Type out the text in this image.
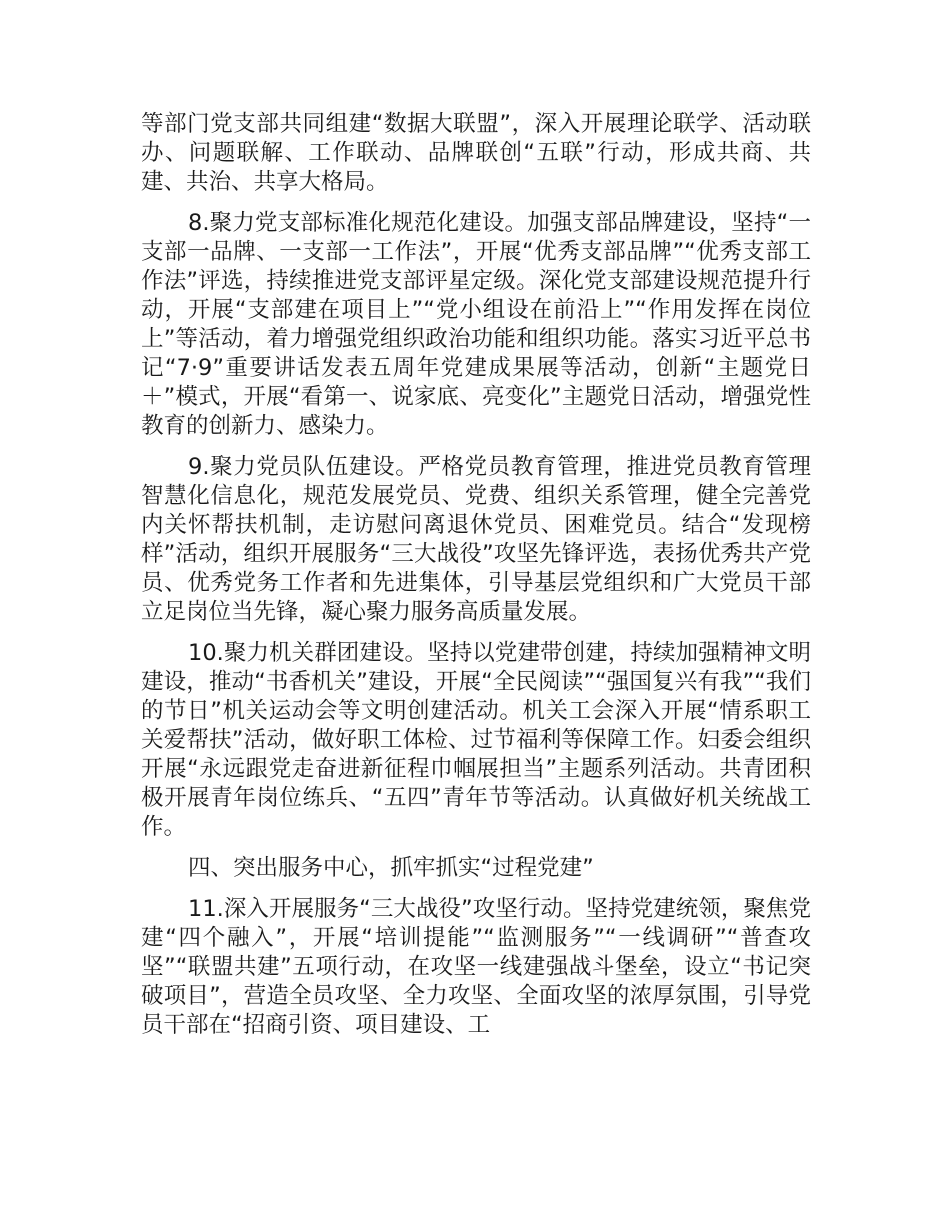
等部门党支部共同组建“数据大联盟”，深入开展理论联学、活动联办、问题联解、工作联动、品牌联创“五联”行动，形成共商、共建、共治、共享大格局。

8.聚力党支部标准化规范化建设。加强支部品牌建设，坚持“一支部一品牌、一支部一工作法”，开展“优秀支部品牌”“优秀支部工作法”评选，持续推进党支部评星定级。深化党支部建设规范提升行动，开展“支部建在项目上”“党小组设在前沿上”“作用发挥在岗位上”等活动，着力增强党组织政治功能和组织功能。落实习近平总书记“7·9”重要讲话发表五周年党建成果展等活动，创新“主题党日＋”模式，开展“看第一、说家底、亮变化”主题党日活动，增强党性教育的创新力、感染力。

9.聚力党员队伍建设。严格党员教育管理，推进党员教育管理智慧化信息化，规范发展党员、党费、组织关系管理，健全完善党内关怀帮扶机制，走访慰问离退休党员、困难党员。结合“发现榜样”活动，组织开展服务“三大战役”攻坚先锋评选，表扬优秀共产党员、优秀党务工作者和先进集体，引导基层党组织和广大党员干部立足岗位当先锋，凝心聚力服务高质量发展。

10.聚力机关群团建设。坚持以党建带创建，持续加强精神文明建设，推动“书香机关”建设，开展“全民阅读”“强国复兴有我”“我们的节日”机关运动会等文明创建活动。机关工会深入开展“情系职工关爱帮扶”活动，做好职工体检、过节福利等保障工作。妇委会组织开展“永远跟党走奋进新征程巾帼展担当”主题系列活动。共青团积极开展青年岗位练兵、“五四”青年节等活动。认真做好机关统战工作。

四、突出服务中心，抓牢抓实“过程党建”

11.深入开展服务“三大战役”攻坚行动。坚持党建统领，聚焦党建“四个融入”，开展“培训提能”“监测服务”“一线调研”“普查攻坚”“联盟共建”五项行动，在攻坚一线建强战斗堡垒，设立“书记突破项目”，营造全员攻坚、全力攻坚、全面攻坚的浓厚氛围，引导党员干部在“招商引资、项目建设、工
